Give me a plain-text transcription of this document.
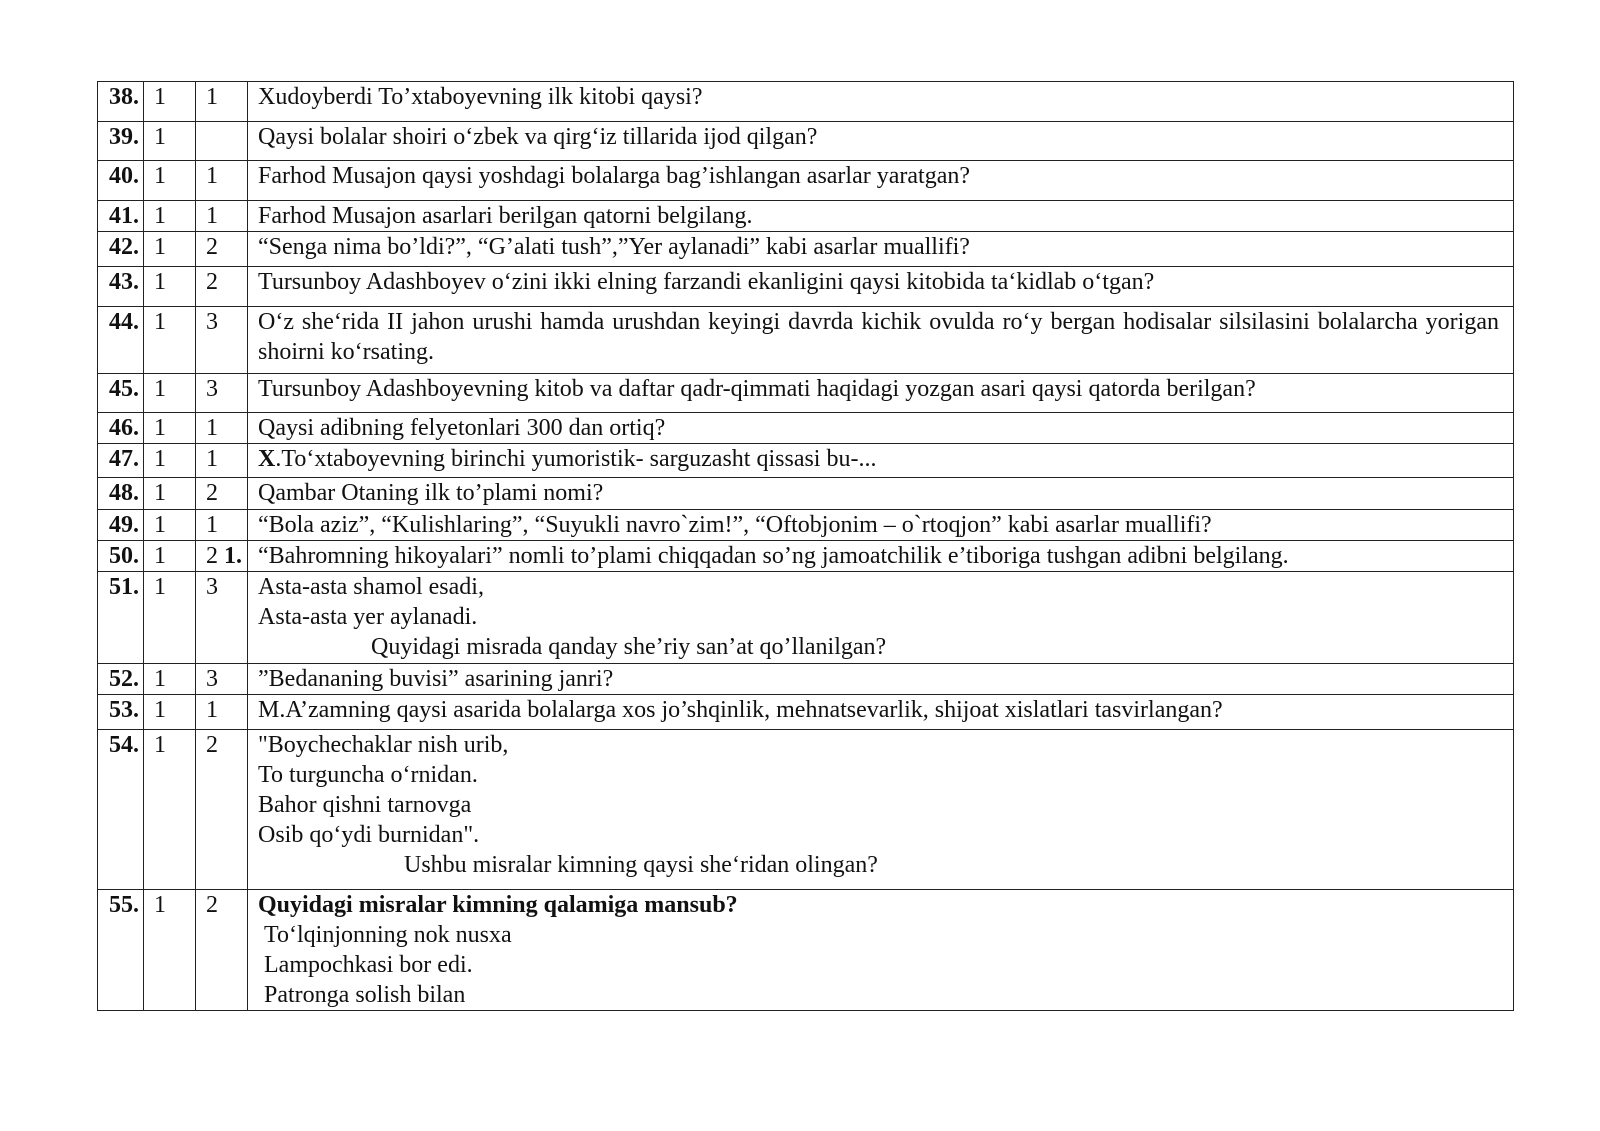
38.	1	1	Xudoyberdi To’xtaboyevning ilk kitobi qaysi?

39.	1		Qaysi bolalar shoiri o‘zbek va qirg‘iz tillarida ijod qilgan?

40.	1	1	Farhod Musajon qaysi yoshdagi bolalarga bag’ishlangan asarlar yaratgan?

41.	1	1	Farhod Musajon asarlari berilgan qatorni belgilang.

42.	1	2	“Senga nima bo’ldi?”, “G’alati tush”,”Yer aylanadi” kabi asarlar muallifi?

43.	1	2	Tursunboy Adashboyev o‘zini ikki elning farzandi ekanligini qaysi kitobida ta‘kidlab o‘tgan?

44.	1	3	O‘z she‘rida II jahon urushi hamda urushdan keyingi davrda kichik ovulda ro‘y bergan hodisalar silsilasini bolalarcha yorigan shoirni ko‘rsating.
45.	1	3	Tursunboy Adashboyevning kitob va daftar qadr-qimmati haqidagi yozgan asari qaysi qatorda berilgan?

46.	1	1	Qaysi adibning felyetonlari 300 dan ortiq?

47.	1	1	X.To‘xtaboyevning birinchi yumoristik- sarguzasht qissasi bu-...
48.	1	2	Qambar Otaning ilk to’plami nomi?

49.	1	1	“Bola aziz”, “Kulishlaring”, “Suyukli navro`zim!”, “Oftobjonim – o`rtoqjon” kabi asarlar muallifi?

50.	1	2 1.	“Bahromning hikoyalari” nomli to’plami chiqqadan so’ng jamoatchilik e’tiboriga tushgan adibni belgilang.

51.	1	3	Asta-asta shamol esadi,
Asta-asta yer aylanadi.
Quyidagi misrada qanday she’riy san’at qo’llanilgan?

52.	1	3	”Bedananing buvisi” asarining janri?

53.	1	1	M.A’zamning qaysi asarida bolalarga xos jo’shqinlik, mehnatsevarlik, shijoat xislatlari tasvirlangan?

54.	1	2	"Boychechaklar nish urib,
To turguncha o‘rnidan.
Bahor qishni tarnovga
Osib qo‘ydi burnidan".
Ushbu misralar kimning qaysi she‘ridan olingan?

55.	1	2	Quyidagi misralar kimning qalamiga mansub?
To‘lqinjonning nok nusxa
Lampochkasi bor edi.
Patronga solish bilan
